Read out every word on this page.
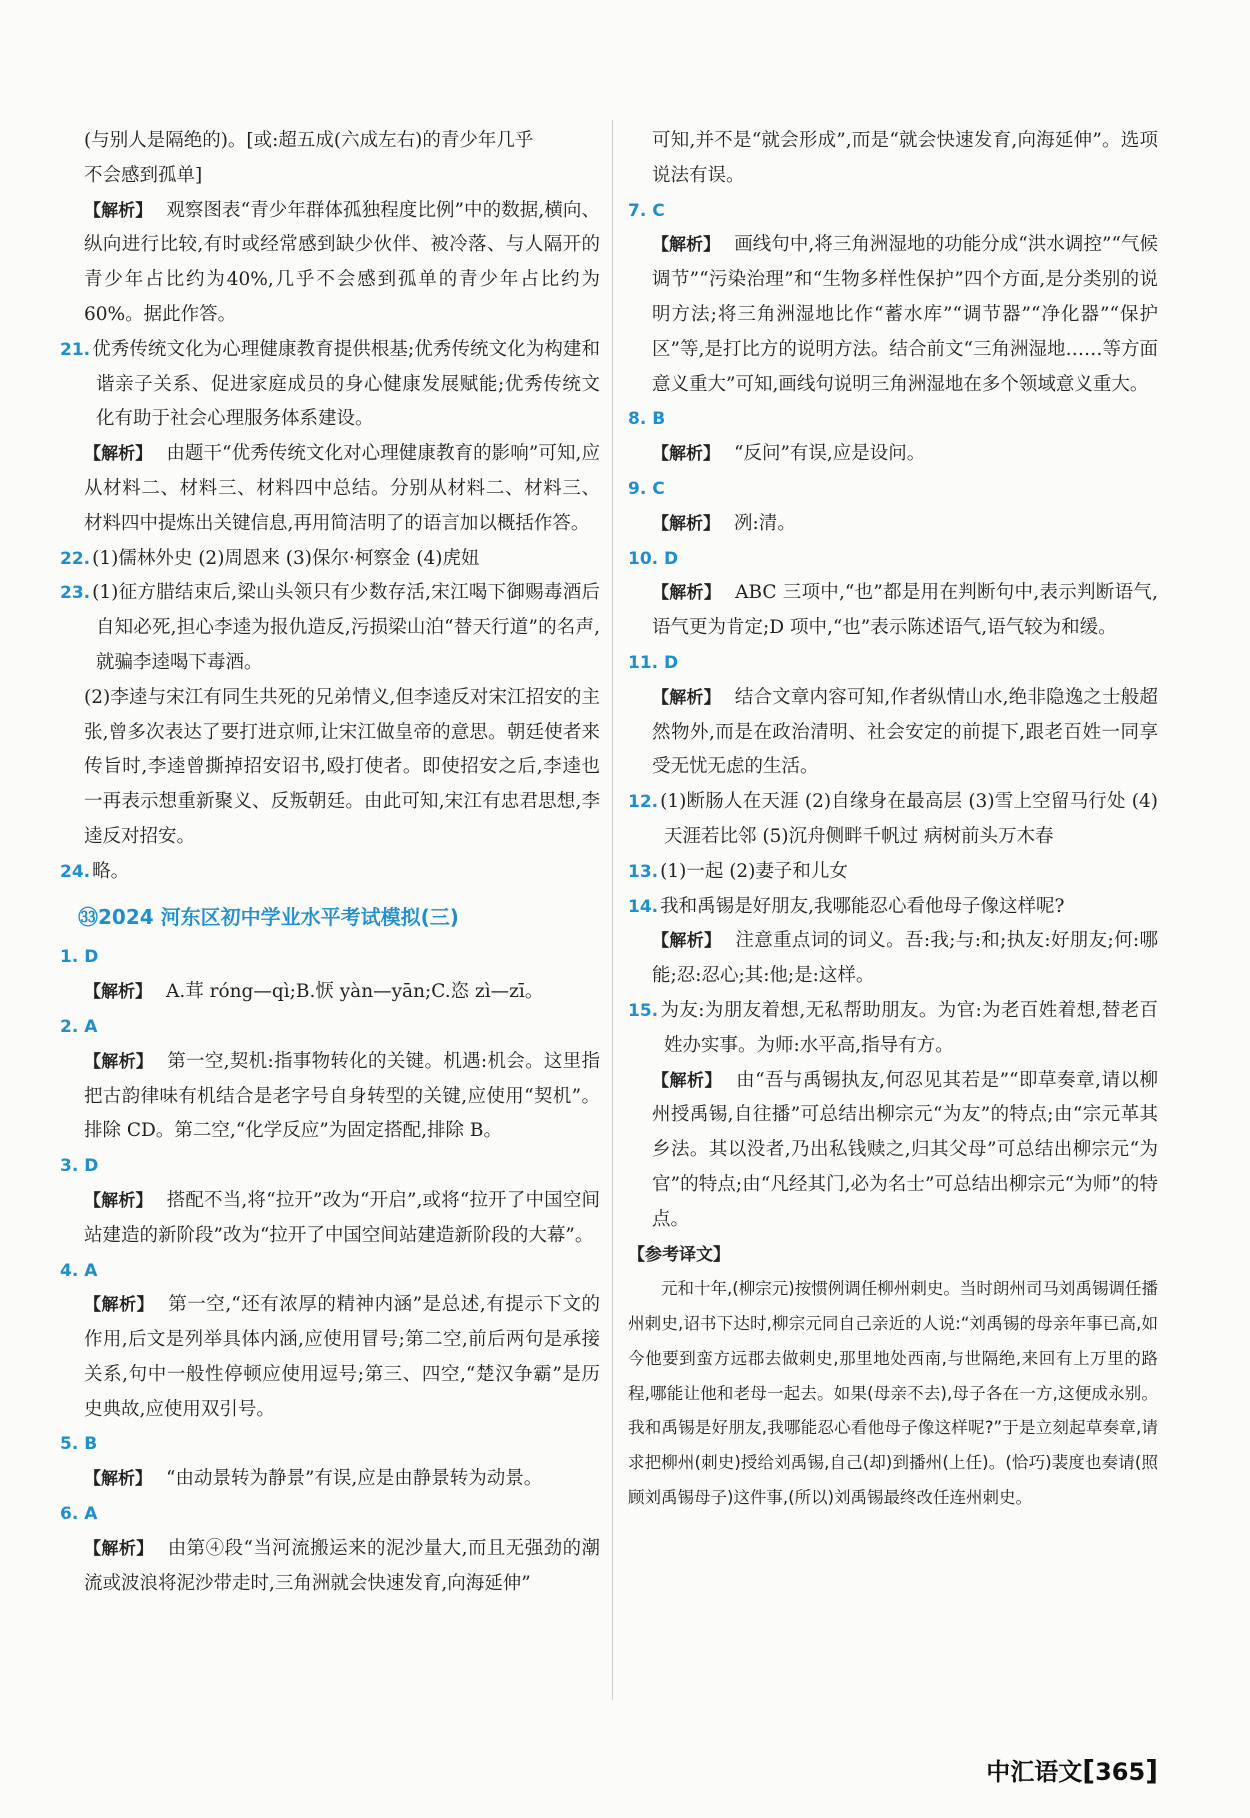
(与别人是隔绝的)。[或:超五成(六成左右)的青少年几乎
不会感到孤单]

【解析】 观察图表“青少年群体孤独程度比例”中的数据,横向、纵向进行比较,有时或经常感到缺少伙伴、被冷落、与人隔开的青少年占比约为40%,几乎不会感到孤单的青少年占比约为60%。据此作答。

21. 优秀传统文化为心理健康教育提供根基;优秀传统文化为构建和谐亲子关系、促进家庭成员的身心健康发展赋能;优秀传统文化有助于社会心理服务体系建设。

【解析】 由题干“优秀传统文化对心理健康教育的影响”可知,应从材料二、材料三、材料四中总结。分别从材料二、材料三、材料四中提炼出关键信息,再用简洁明了的语言加以概括作答。

22. (1)儒林外史 (2)周恩来 (3)保尔·柯察金 (4)虎妞

23. (1)征方腊结束后,梁山头领只有少数存活,宋江喝下御赐毒酒后自知必死,担心李逵为报仇造反,污损梁山泊“替天行道”的名声,就骗李逵喝下毒酒。

(2)李逵与宋江有同生共死的兄弟情义,但李逵反对宋江招安的主张,曾多次表达了要打进京师,让宋江做皇帝的意思。朝廷使者来传旨时,李逵曾撕掉招安诏书,殴打使者。即使招安之后,李逵也一再表示想重新聚义、反叛朝廷。由此可知,宋江有忠君思想,李逵反对招安。

24. 略。

㉝2024 河东区初中学业水平考试模拟(三)
1. D

【解析】 A.茸 róng—qì;B.恹 yàn—yān;C.恣 zì—zī。

2. A

【解析】 第一空,契机:指事物转化的关键。机遇:机会。这里指把古韵律味有机结合是老字号自身转型的关键,应使用“契机”。排除 CD。第二空,“化学反应”为固定搭配,排除 B。

3. D

【解析】 搭配不当,将“拉开”改为“开启”,或将“拉开了中国空间站建造的新阶段”改为“拉开了中国空间站建造新阶段的大幕”。

4. A

【解析】 第一空,“还有浓厚的精神内涵”是总述,有提示下文的作用,后文是列举具体内涵,应使用冒号;第二空,前后两句是承接关系,句中一般性停顿应使用逗号;第三、四空,“楚汉争霸”是历史典故,应使用双引号。

5. B

【解析】 “由动景转为静景”有误,应是由静景转为动景。

6. A

【解析】 由第④段“当河流搬运来的泥沙量大,而且无强劲的潮流或波浪将泥沙带走时,三角洲就会快速发育,向海延伸”

可知,并不是“就会形成”,而是“就会快速发育,向海延伸”。选项说法有误。

7. C

【解析】 画线句中,将三角洲湿地的功能分成“洪水调控”“气候调节”“污染治理”和“生物多样性保护”四个方面,是分类别的说明方法;将三角洲湿地比作“蓄水库”“调节器”“净化器”“保护区”等,是打比方的说明方法。结合前文“三角洲湿地……等方面意义重大”可知,画线句说明三角洲湿地在多个领域意义重大。

8. B

【解析】 “反问”有误,应是设问。

9. C

【解析】 冽:清。

10. D

【解析】 ABC 三项中,“也”都是用在判断句中,表示判断语气,语气更为肯定;D 项中,“也”表示陈述语气,语气较为和缓。

11. D

【解析】 结合文章内容可知,作者纵情山水,绝非隐逸之士般超然物外,而是在政治清明、社会安定的前提下,跟老百姓一同享受无忧无虑的生活。

12. (1)断肠人在天涯 (2)自缘身在最高层 (3)雪上空留马行处 (4)天涯若比邻 (5)沉舟侧畔千帆过 病树前头万木春

13. (1)一起 (2)妻子和儿女

14. 我和禹锡是好朋友,我哪能忍心看他母子像这样呢?

【解析】 注意重点词的词义。吾:我;与:和;执友:好朋友;何:哪能;忍:忍心;其:他;是:这样。

15. 为友:为朋友着想,无私帮助朋友。为官:为老百姓着想,替老百姓办实事。为师:水平高,指导有方。

【解析】 由“吾与禹锡执友,何忍见其若是”“即草奏章,请以柳州授禹锡,自往播”可总结出柳宗元“为友”的特点;由“宗元革其乡法。其以没者,乃出私钱赎之,归其父母”可总结出柳宗元“为官”的特点;由“凡经其门,必为名士”可总结出柳宗元“为师”的特点。

【参考译文】

元和十年,(柳宗元)按惯例调任柳州刺史。当时朗州司马刘禹锡调任播州刺史,诏书下达时,柳宗元同自己亲近的人说:“刘禹锡的母亲年事已高,如今他要到蛮方远郡去做刺史,那里地处西南,与世隔绝,来回有上万里的路程,哪能让他和老母一起去。如果(母亲不去),母子各在一方,这便成永别。我和禹锡是好朋友,我哪能忍心看他母子像这样呢?”于是立刻起草奏章,请求把柳州(刺史)授给刘禹锡,自己(却)到播州(上任)。(恰巧)裴度也奏请(照顾刘禹锡母子)这件事,(所以)刘禹锡最终改任连州刺史。

中汇语文[365]
